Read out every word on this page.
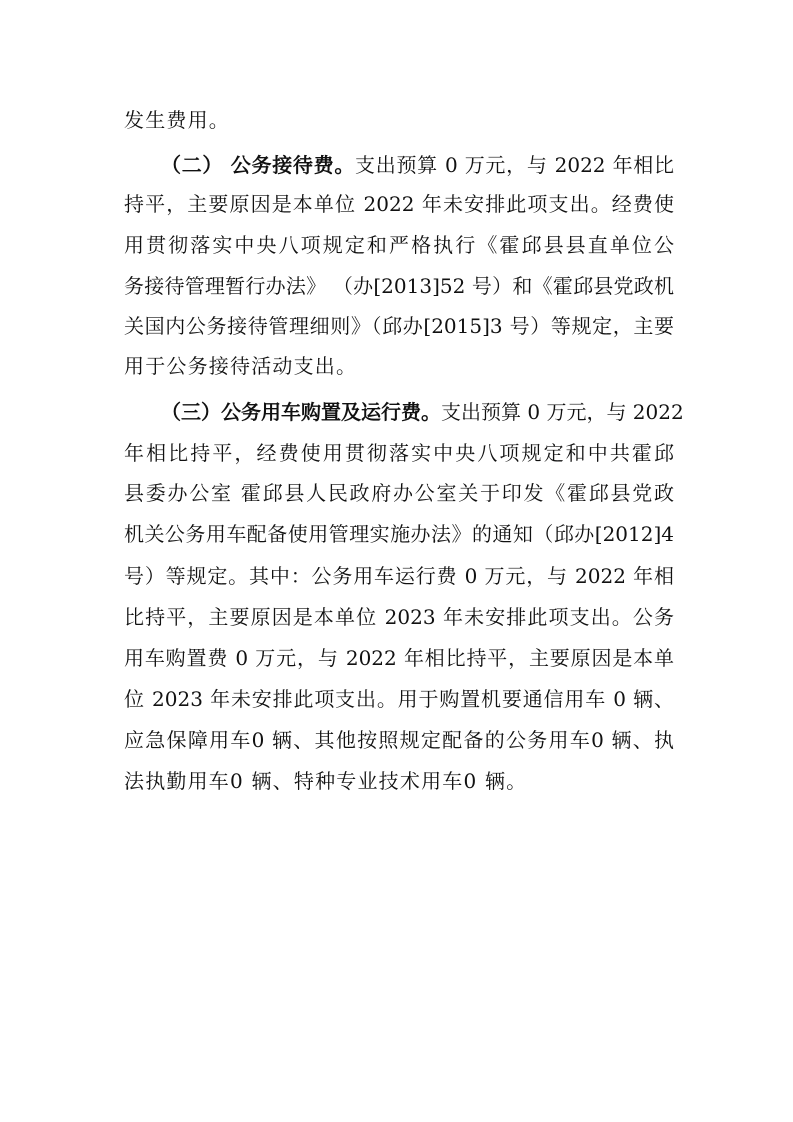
发生费用。
（二） 公务接待费。支出预算 0 万元，与 2022 年相比
持平，主要原因是本单位 2022 年未安排此项支出。经费使
用贯彻落实中央八项规定和严格执行《霍邱县县直单位公
务接待管理暂行办法》 （办[2013]52 号）和《霍邱县党政机
关国内公务接待管理细则》（邱办[2015]3 号）等规定，主要
用于公务接待活动支出。
（三）公务用车购置及运行费。支出预算 0 万元，与 2022
年相比持平，经费使用贯彻落实中央八项规定和中共霍邱
县委办公室 霍邱县人民政府办公室关于印发《霍邱县党政
机关公务用车配备使用管理实施办法》的通知（邱办[2012]4
号）等规定。其中：公务用车运行费 0 万元，与 2022 年相
比持平，主要原因是本单位 2023 年未安排此项支出。公务
用车购置费 0 万元，与 2022 年相比持平，主要原因是本单
位 2023 年未安排此项支出。用于购置机要通信用车 0 辆、
应急保障用车0 辆、其他按照规定配备的公务用车0 辆、执
法执勤用车0 辆、特种专业技术用车0 辆。
